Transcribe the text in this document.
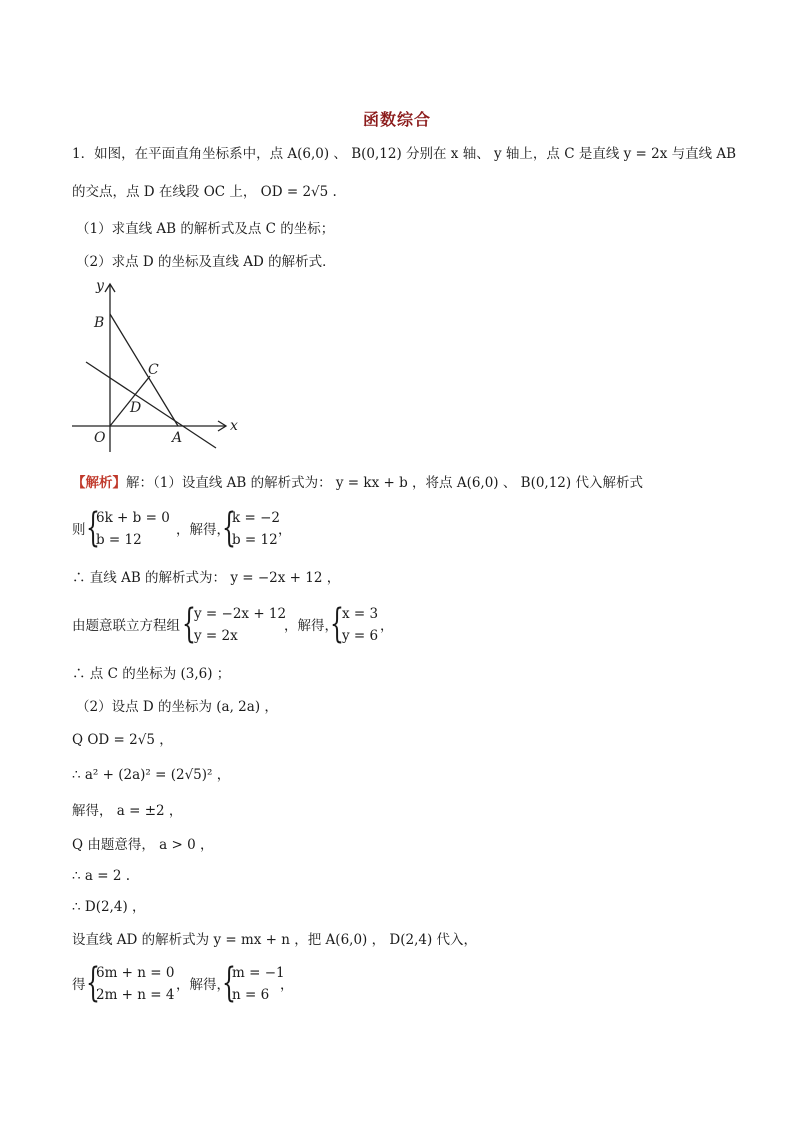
函数综合
1．如图，在平面直角坐标系中，点 A(6,0) 、 B(0,12) 分别在 x 轴、 y 轴上，点 C 是直线 y = 2x 与直线 AB
的交点，点 D 在线段 OC 上， OD = 2√5 .
（1）求直线 AB 的解析式及点 C 的坐标；
（2）求点 D 的坐标及直线 AD 的解析式．
y
x
B
C
D
O	A
【解析】解：（1）设直线 AB 的解析式为： y = kx + b ，将点 A(6,0) 、 B(0,12) 代入解析式
则 {
6k + b = 0
b = 12
，解得，
{
k = −2
b = 12
，
∴ 直线 AB 的解析式为： y = −2x + 12 ，
由题意联立方程组 {
y = −2x + 12
y = 2x
，解得，
{
x = 3
y = 6
，
∴ 点 C 的坐标为 (3,6) ；
（2）设点 D 的坐标为 (a, 2a) ，
Q OD = 2√5 ，
∴ a² + (2a)² = (2√5)² ，
解得， a = ±2 ，
Q 由题意得， a > 0 ，
∴ a = 2 .
∴ D(2,4) ，
设直线 AD 的解析式为 y = mx + n ，把 A(6,0) ， D(2,4) 代入，
得 {
6m + n = 0
2m + n = 4
，解得，
{
m = −1
n = 6
，
